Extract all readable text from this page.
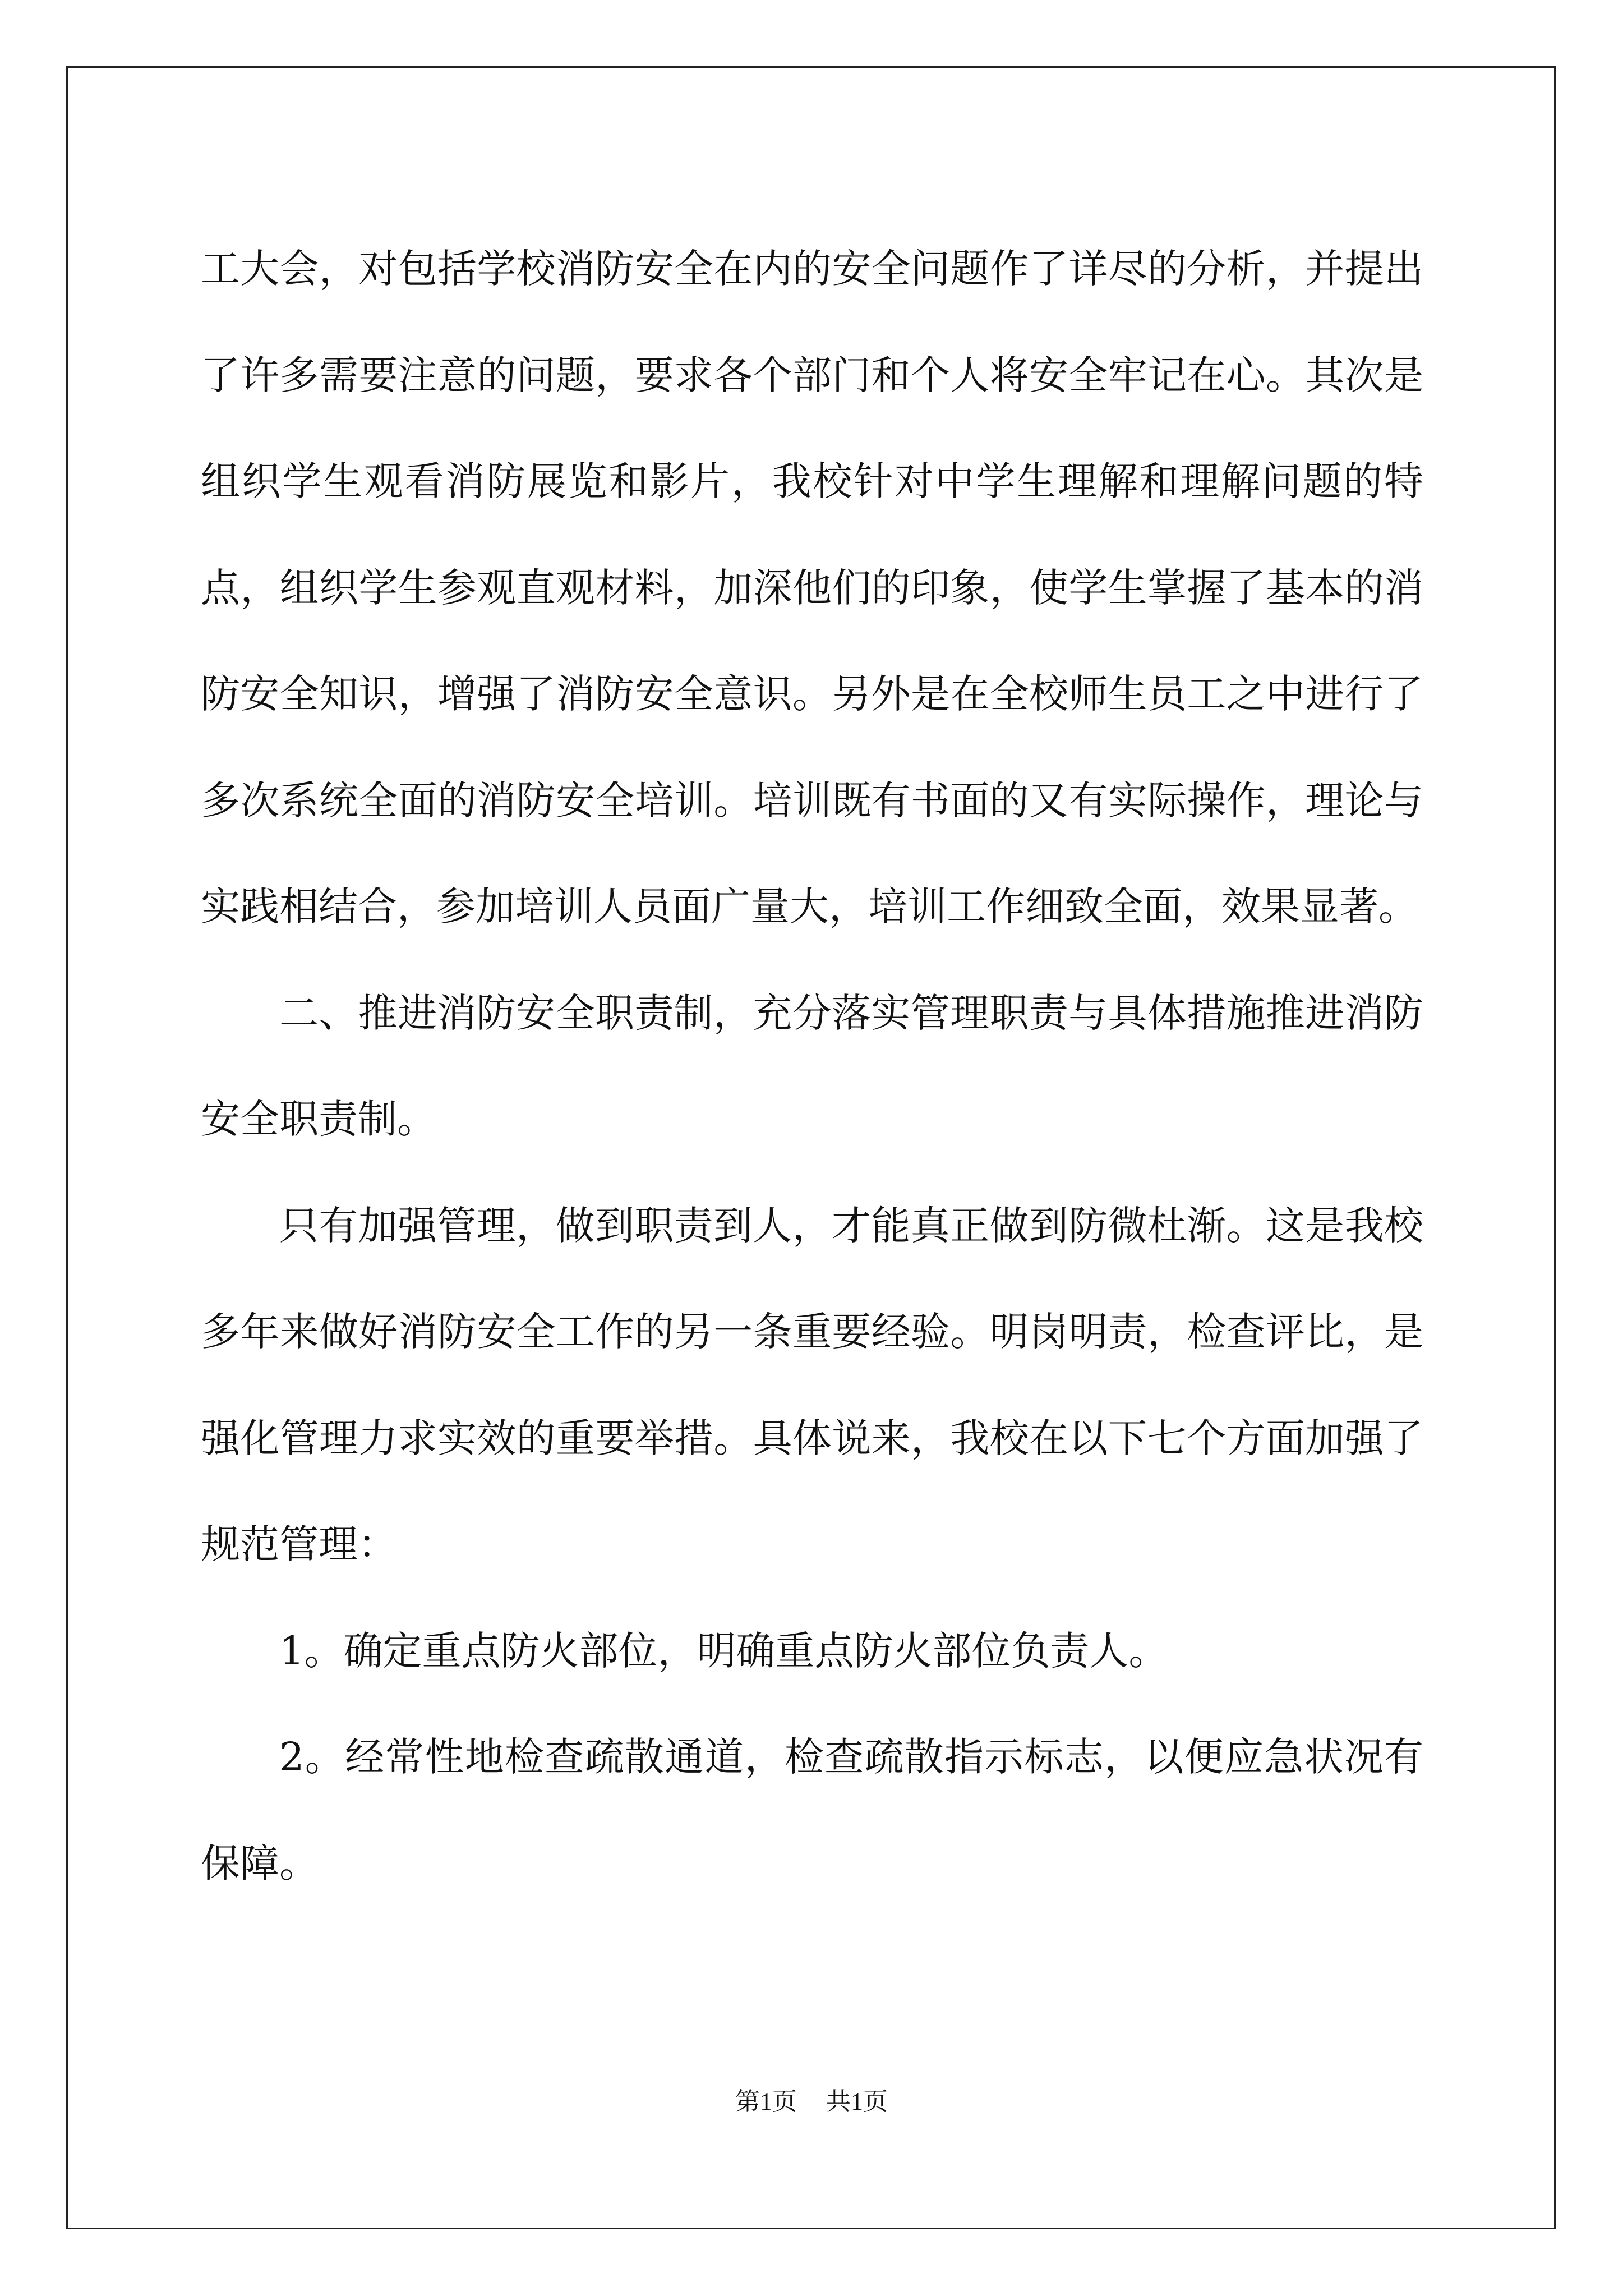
工大会，对包括学校消防安全在内的安全问题作了详尽的分析，并提出了许多需要注意的问题，要求各个部门和个人将安全牢记在心。其次是组织学生观看消防展览和影片，我校针对中学生理解和理解问题的特点，组织学生参观直观材料，加深他们的印象，使学生掌握了基本的消防安全知识，增强了消防安全意识。另外是在全校师生员工之中进行了多次系统全面的消防安全培训。培训既有书面的又有实际操作，理论与实践相结合，参加培训人员面广量大，培训工作细致全面，效果显著。

二、推进消防安全职责制，充分落实管理职责与具体措施推进消防安全职责制。

只有加强管理，做到职责到人，才能真正做到防微杜渐。这是我校多年来做好消防安全工作的另一条重要经验。明岗明责，检查评比，是强化管理力求实效的重要举措。具体说来，我校在以下七个方面加强了规范管理：

1。确定重点防火部位，明确重点防火部位负责人。

2。经常性地检查疏散通道，检查疏散指示标志，以便应急状况有保障。

第1页 共1页
